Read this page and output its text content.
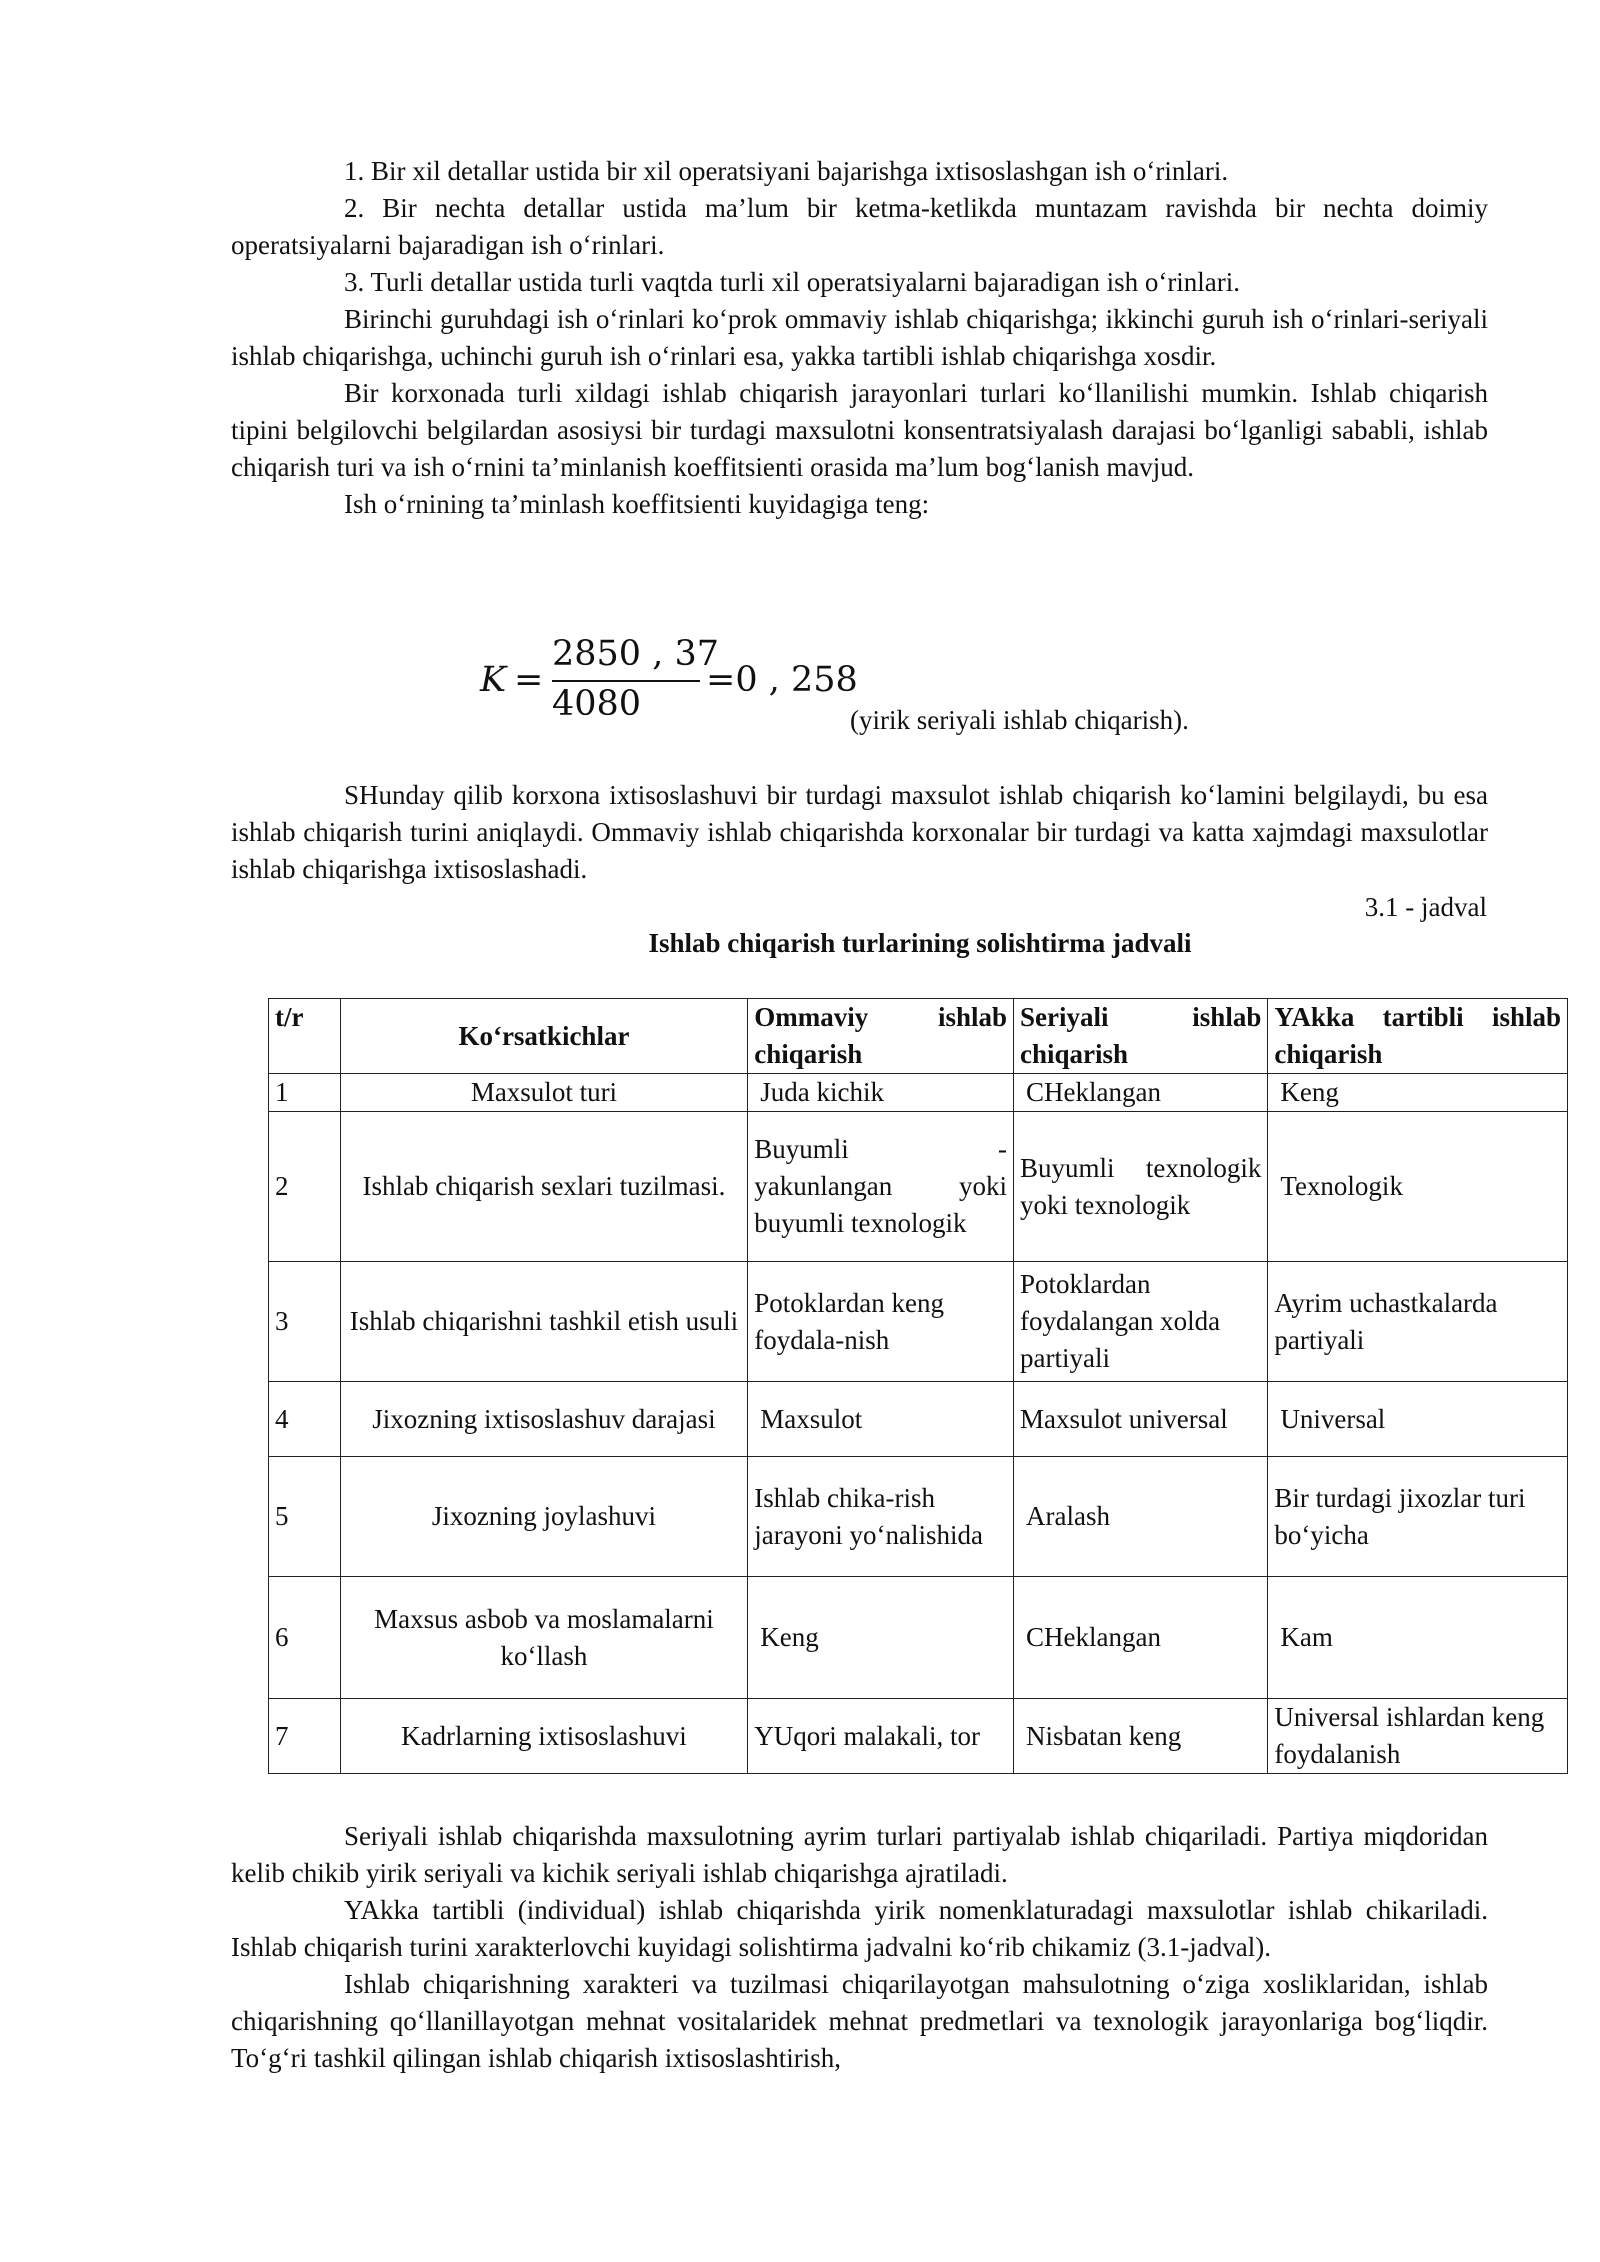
1. Bir xil detallar ustida bir xil operatsiyani bajarishga ixtisoslashgan ish o‘rinlari.

2. Bir nechta detallar ustida ma’lum bir ketma-ketlikda muntazam ravishda bir nechta doimiy operatsiyalarni bajaradigan ish o‘rinlari.

3. Turli detallar ustida turli vaqtda turli xil operatsiyalarni bajaradigan ish o‘rinlari.

Birinchi guruhdagi ish o‘rinlari ko‘prok ommaviy ishlab chiqarishga; ikkinchi guruh ish o‘rinlari-seriyali ishlab chiqarishga, uchinchi guruh ish o‘rinlari esa, yakka tartibli ishlab chiqarishga xosdir.

Bir korxonada turli xildagi ishlab chiqarish jarayonlari turlari ko‘llanilishi mumkin. Ishlab chiqarish tipini belgilovchi belgilardan asosiysi bir turdagi maxsulotni konsentratsiyalash darajasi bo‘lganligi sababli, ishlab chiqarish turi va ish o‘rnini ta’minlanish koeffitsienti orasida ma’lum bog‘lanish mavjud.

Ish o‘rnining ta’minlash koeffitsienti kuyidagiga teng:

K =
2850 , 37
4080
=0 , 258
(yirik seriyali ishlab chiqarish).

SHunday qilib korxona ixtisoslashuvi bir turdagi maxsulot ishlab chiqarish ko‘lamini belgilaydi, bu esa ishlab chiqarish turini aniqlaydi. Ommaviy ishlab chiqarishda korxonalar bir turdagi va katta xajmdagi maxsulotlar ishlab chiqarishga ixtisoslashadi.

3.1 - jadval
Ishlab chiqarish turlarining solishtirma jadvali
t/r	Ko‘rsatkichlar	Ommaviy ishlab chiqarish	Seriyali ishlab chiqarish	YAkka tartibli ishlab chiqarish
1	Maxsulot turi	Juda kichik	CHeklangan	Keng
2	Ishlab chiqarish sexlari tuzilmasi.	Buyumli - yakunlangan yoki buyumli texnologik	Buyumli texnologik yoki texnologik	Texnologik
3	Ishlab chiqarishni tashkil etish usuli	Potoklardan keng foydala-nish	Potoklardan foydalangan xolda partiyali	Ayrim uchastkalarda partiyali
4	Jixozning ixtisoslashuv darajasi	Maxsulot	Maxsulot universal	Universal
5	Jixozning joylashuvi	Ishlab chika-rish jarayoni yo‘nalishida	Aralash	Bir turdagi jixozlar turi bo‘yicha
6	Maxsus asbob va moslamalarni ko‘llash	Keng	CHeklangan	Kam
7	Kadrlarning ixtisoslashuvi	YUqori malakali, tor	Nisbatan keng	Universal ishlardan keng foydalanish

Seriyali ishlab chiqarishda maxsulotning ayrim turlari partiyalab ishlab chiqariladi. Partiya miqdoridan kelib chikib yirik seriyali va kichik seriyali ishlab chiqarishga ajratiladi.

YAkka tartibli (individual) ishlab chiqarishda yirik nomenklaturadagi maxsulotlar ishlab chikariladi. Ishlab chiqarish turini xarakterlovchi kuyidagi solishtirma jadvalni ko‘rib chikamiz (3.1-jadval).

Ishlab chiqarishning xarakteri va tuzilmasi chiqarilayotgan mahsulotning o‘ziga xosliklaridan, ishlab chiqarishning qo‘llanillayotgan mehnat vositalaridek mehnat predmetlari va texnologik jarayonlariga bog‘liqdir. To‘g‘ri tashkil qilingan ishlab chiqarish ixtisoslashtirish,
